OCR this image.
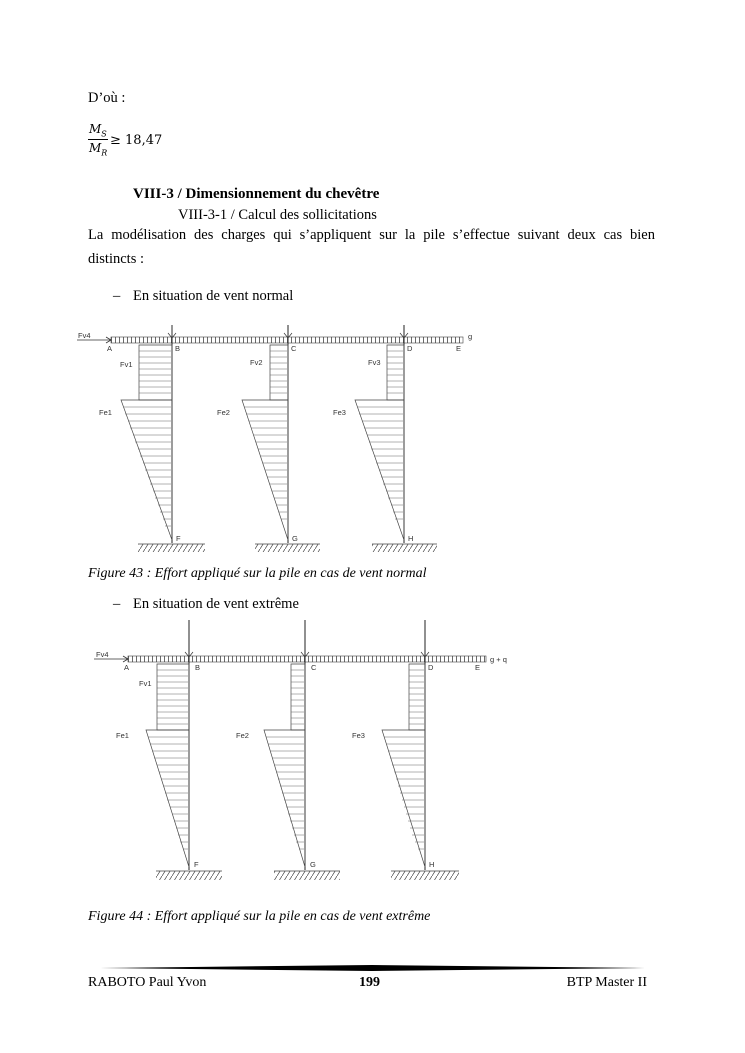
D’où :
$M_S$
$M_R$
≥ 18,47
VIII-3 / Dimensionnement du chevêtre
VIII-3-1 / Calcul des sollicitations
La modélisation des charges qui s’appliquent sur la pile s’effectue suivant deux cas bien
distincts :
– En situation de vent normal
Fv4	g
A	B	C	D	E
Fv1
Fe1
F
Fv2
Fe2
G
Fv3
Fe3
H
Figure 43 : Effort appliqué sur la pile en cas de vent normal
– En situation de vent extrême
Fv4
g + q
A	B	C	D	E
Fv1
Fe1
F
Fe2
G
Fe3
H
Figure 44 : Effort appliqué sur la pile en cas de vent extrême
RABOTO Paul Yvon	199	BTP Master II
